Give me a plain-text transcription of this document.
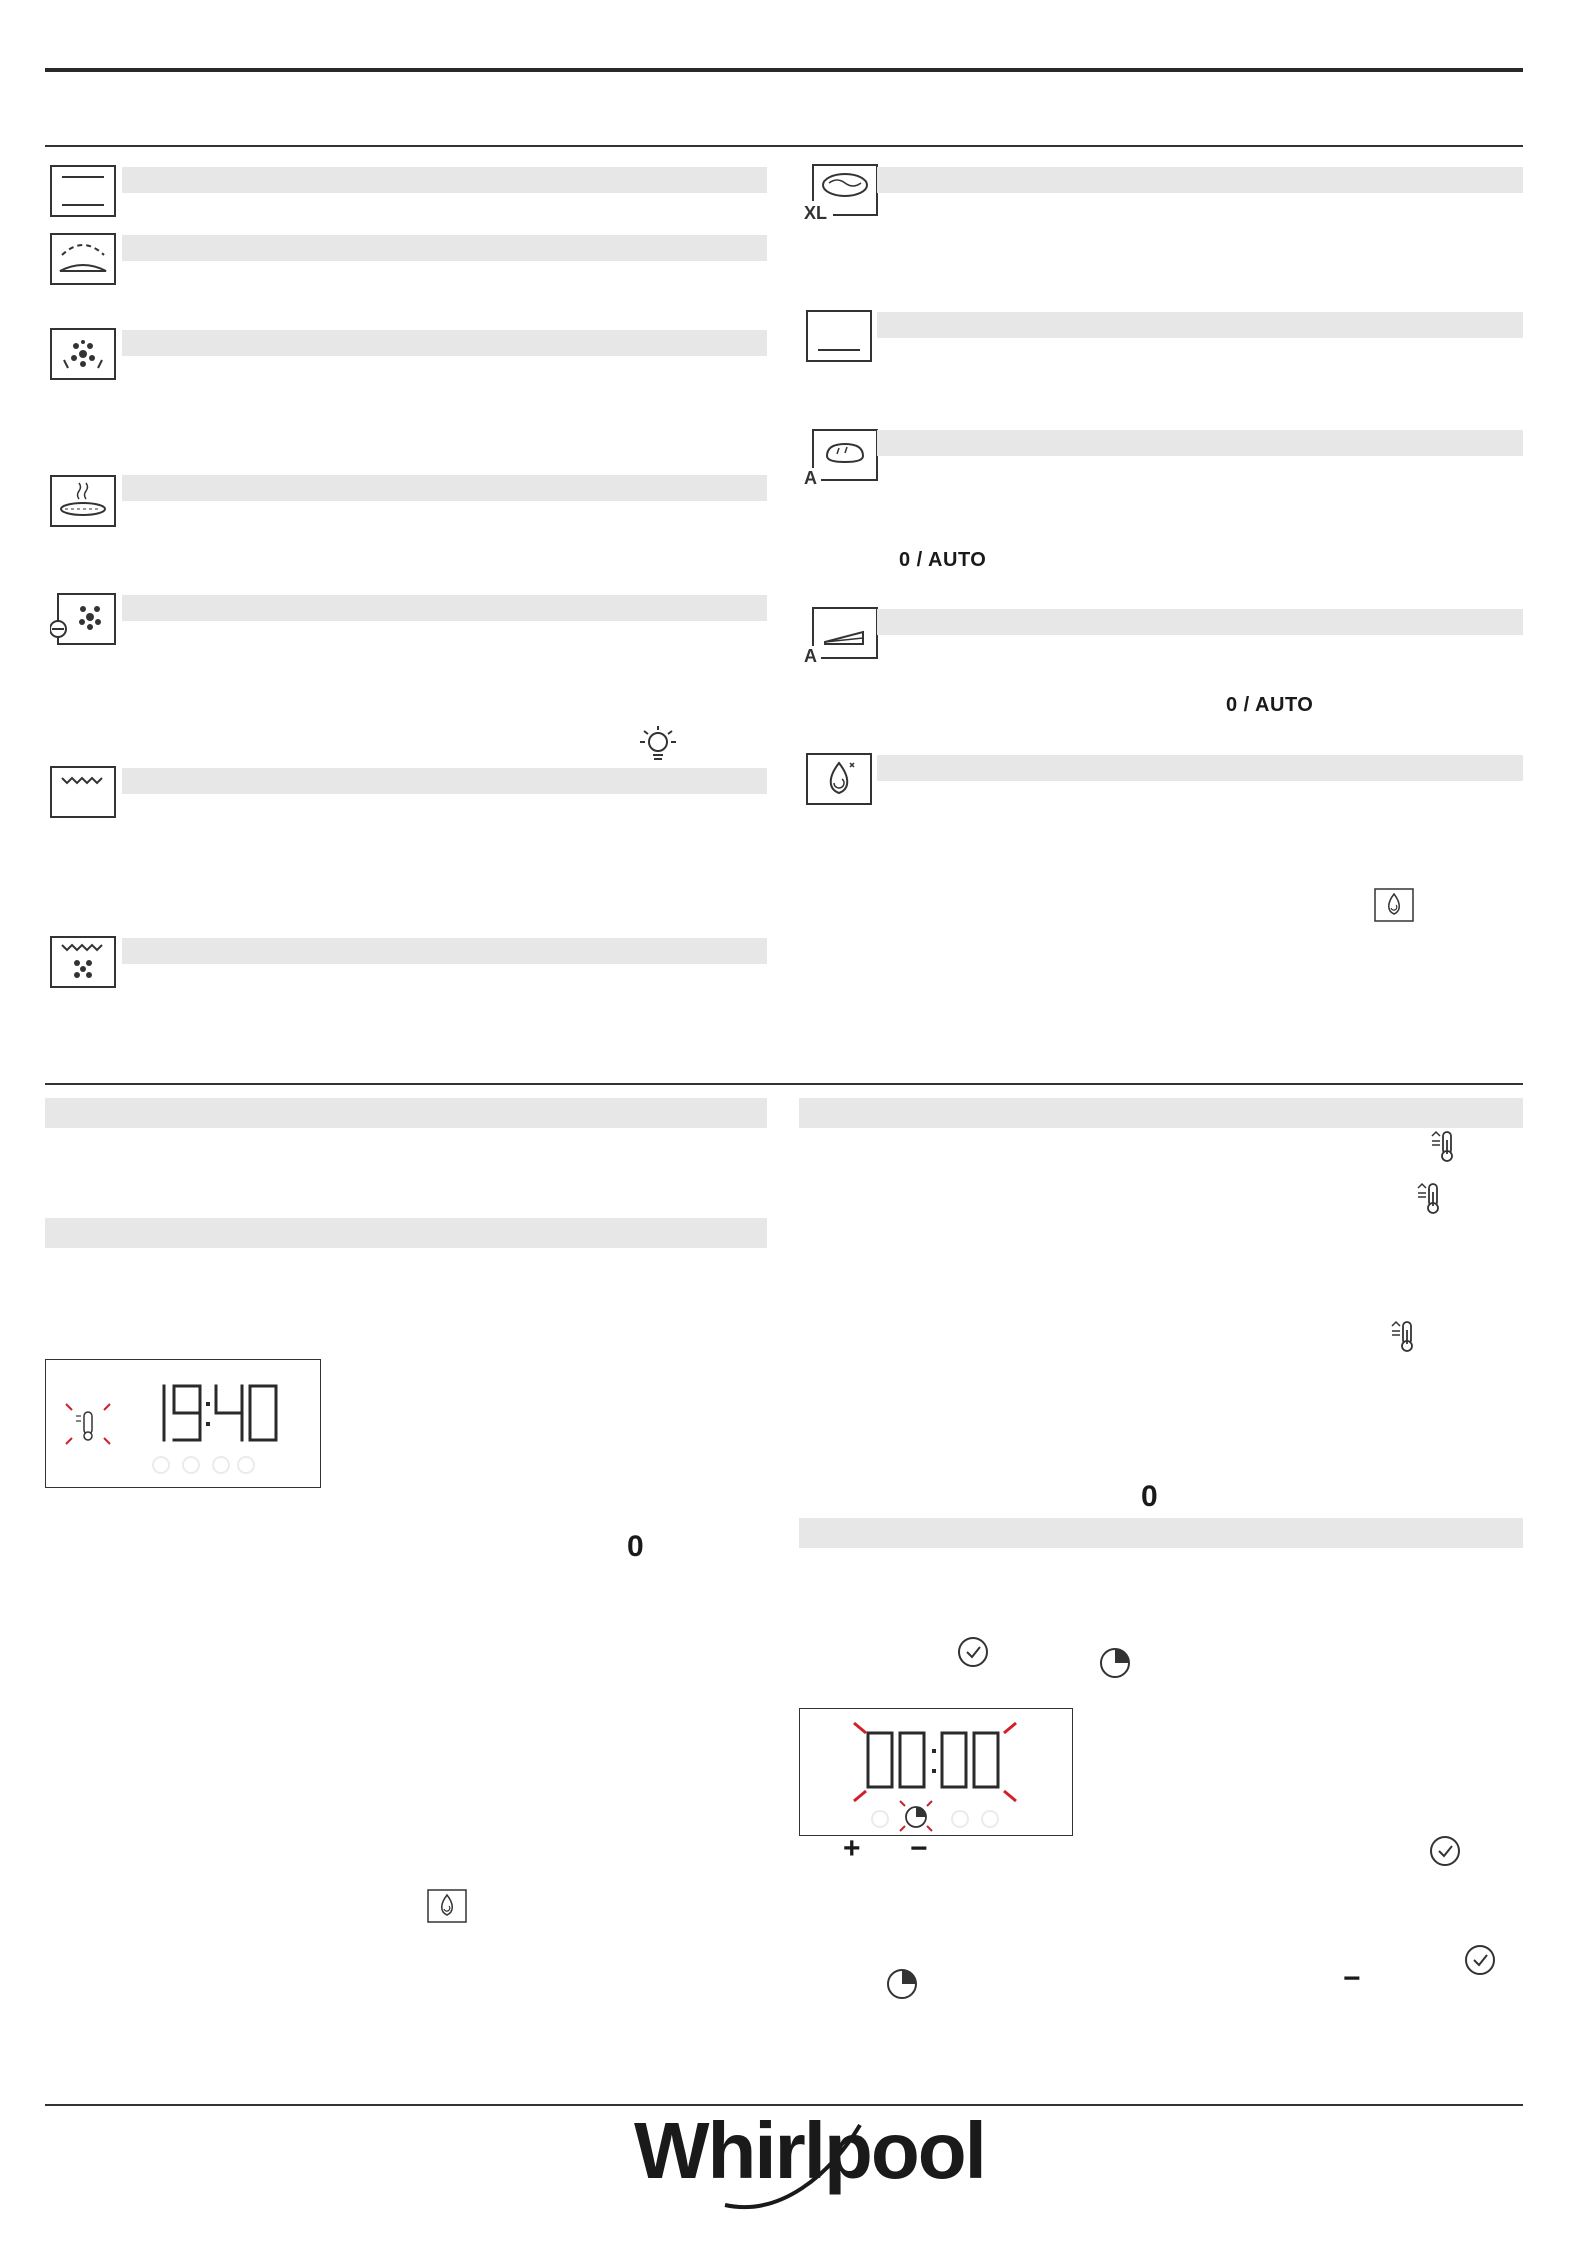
XL
A
0 / AUTO
A
0 / AUTO
0
0
+ −
−
Whirlpool
